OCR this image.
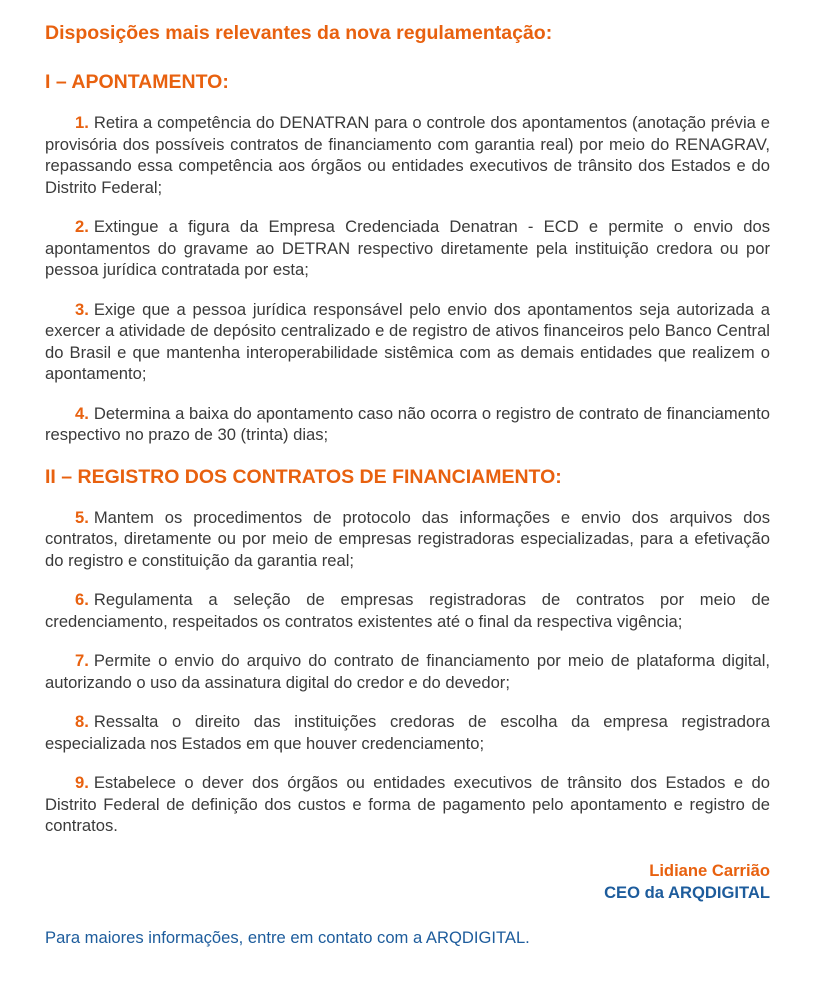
Disposições mais relevantes da nova regulamentação:
I – APONTAMENTO:

1. Retira a competência do DENATRAN para o controle dos apontamentos (anotação prévia e provisória dos possíveis contratos de financiamento com garantia real) por meio do RENAGRAV, repassando essa competência aos órgãos ou entidades executivos de trânsito dos Estados e do Distrito Federal;

2. Extingue a figura da Empresa Credenciada Denatran - ECD e permite o envio dos apontamentos do gravame ao DETRAN respectivo diretamente pela instituição credora ou por pessoa jurídica contratada por esta;

3. Exige que a pessoa jurídica responsável pelo envio dos apontamentos seja autorizada a exercer a atividade de depósito centralizado e de registro de ativos financeiros pelo Banco Central do Brasil e que mantenha interoperabilidade sistêmica com as demais entidades que realizem o apontamento;

4. Determina a baixa do apontamento caso não ocorra o registro de contrato de financiamento respectivo no prazo de 30 (trinta) dias;

II – REGISTRO DOS CONTRATOS DE FINANCIAMENTO:

5. Mantem os procedimentos de protocolo das informações e envio dos arquivos dos contratos, diretamente ou por meio de empresas registradoras especializadas, para a efetivação do registro e constituição da garantia real;

6. Regulamenta a seleção de empresas registradoras de contratos por meio de credenciamento, respeitados os contratos existentes até o final da respectiva vigência;

7. Permite o envio do arquivo do contrato de financiamento por meio de plataforma digital, autorizando o uso da assinatura digital do credor e do devedor;

8. Ressalta o direito das instituições credoras de escolha da empresa registradora especializada nos Estados em que houver credenciamento;

9. Estabelece o dever dos órgãos ou entidades executivos de trânsito dos Estados e do Distrito Federal de definição dos custos e forma de pagamento pelo apontamento e registro de contratos.

Lidiane Carrião
CEO da ARQDIGITAL
Para maiores informações, entre em contato com a ARQDIGITAL.
